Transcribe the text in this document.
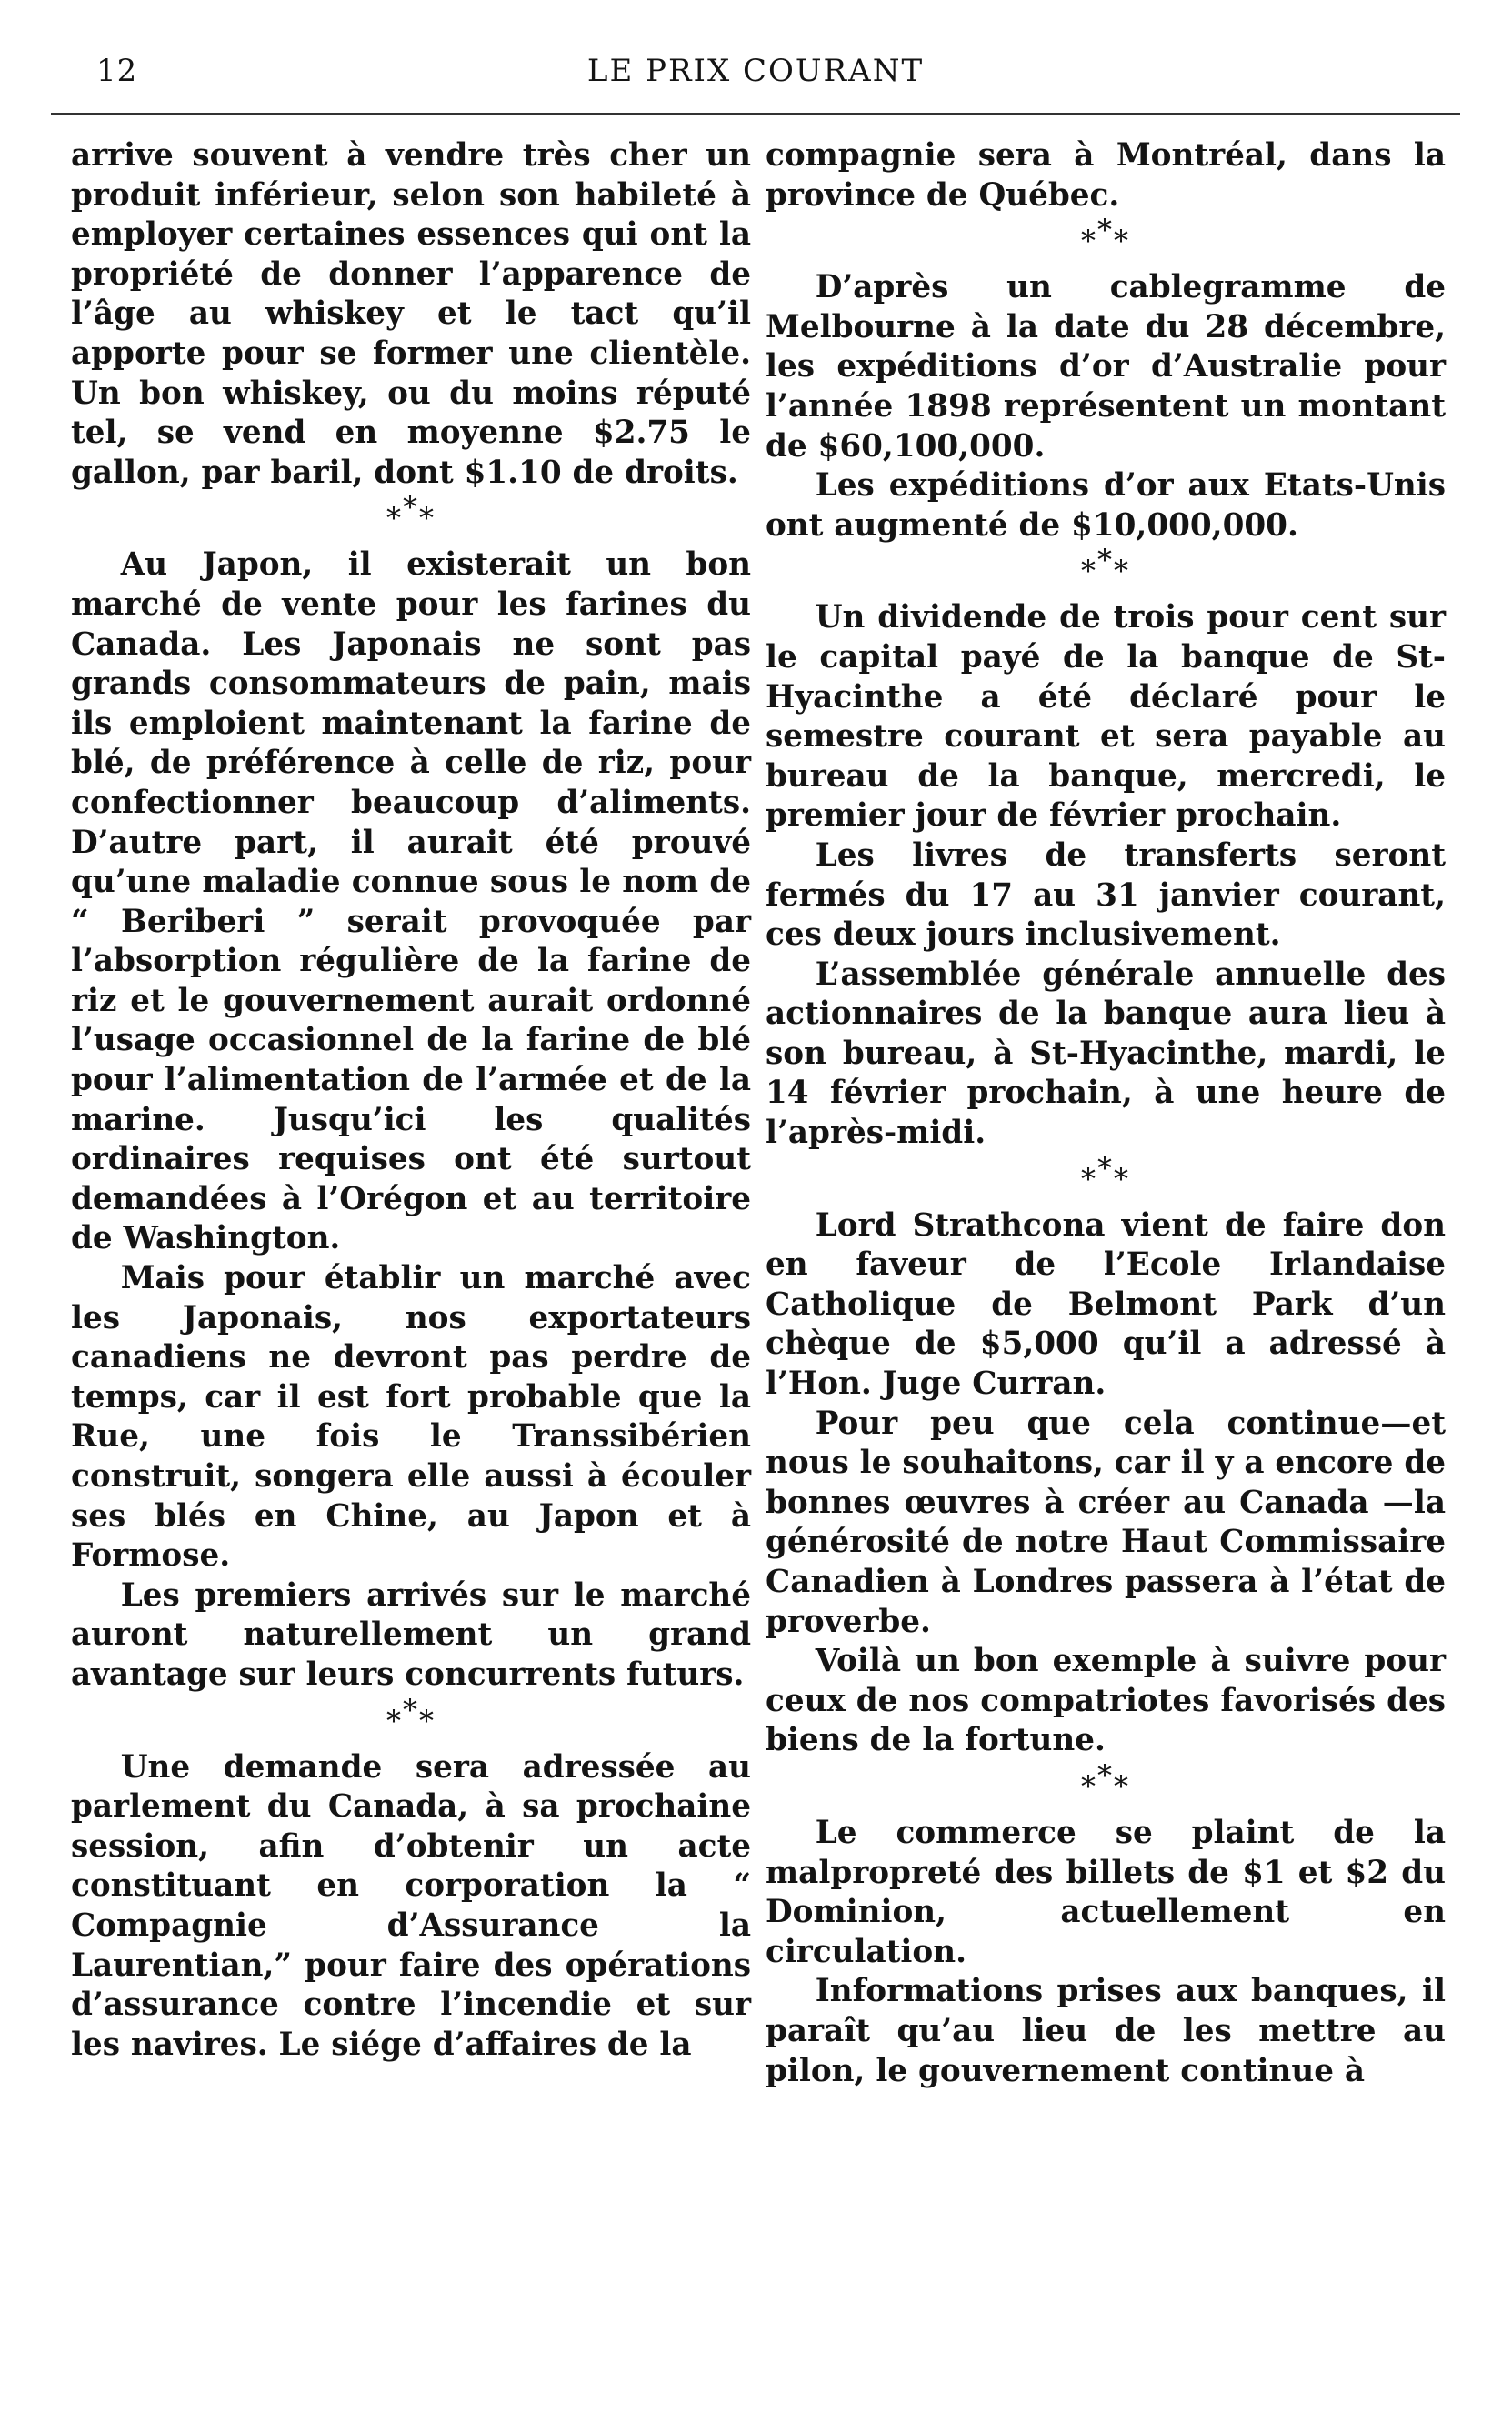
12	LE PRIX COURANT

arrive souvent à vendre très cher un produit inférieur, selon son habileté à employer certaines essences qui ont la propriété de donner l’apparence de l’âge au whiskey et le tact qu’il apporte pour se former une clientèle. Un bon whiskey, ou du moins réputé tel, se vend en moyenne $2.75 le gallon, par baril, dont $1.10 de droits.

***

Au Japon, il existerait un bon marché de vente pour les farines du Canada. Les Japonais ne sont pas grands consommateurs de pain, mais ils emploient maintenant la farine de blé, de préférence à celle de riz, pour confectionner beaucoup d’aliments. D’autre part, il aurait été prouvé qu’une maladie connue sous le nom de “ Beriberi ” serait provoquée par l’absorption régulière de la farine de riz et le gouvernement aurait ordonné l’usage occasionnel de la farine de blé pour l’alimentation de l’armée et de la marine. Jusqu’ici les qualités ordinaires requises ont été surtout demandées à l’Orégon et au territoire de Washington.

Mais pour établir un marché avec les Japonais, nos exportateurs canadiens ne devront pas perdre de temps, car il est fort probable que la Rue, une fois le Transsibérien construit, songera elle aussi à écouler ses blés en Chine, au Japon et à Formose.

Les premiers arrivés sur le marché auront naturellement un grand avantage sur leurs concurrents futurs.

***

Une demande sera adressée au parlement du Canada, à sa prochaine session, afin d’obtenir un acte constituant en corporation la “ Compagnie d’Assurance la Laurentian,” pour faire des opérations d’assurance contre l’incendie et sur les navires. Le siége d’affaires de la

compagnie sera à Montréal, dans la province de Québec.

***

D’après un cablegramme de Melbourne à la date du 28 décembre, les expéditions d’or d’Australie pour l’année 1898 représentent un montant de $60,100,000.

Les expéditions d’or aux Etats-Unis ont augmenté de $10,000,000.

***

Un dividende de trois pour cent sur le capital payé de la banque de St-Hyacinthe a été déclaré pour le semestre courant et sera payable au bureau de la banque, mercredi, le premier jour de février prochain.

Les livres de transferts seront fermés du 17 au 31 janvier courant, ces deux jours inclusivement.

L’assemblée générale annuelle des actionnaires de la banque aura lieu à son bureau, à St-Hyacinthe, mardi, le 14 février prochain, à une heure de l’après-midi.

***

Lord Strathcona vient de faire don en faveur de l’Ecole Irlandaise Catholique de Belmont Park d’un chèque de $5,000 qu’il a adressé à l’Hon. Juge Curran.

Pour peu que cela continue—et nous le souhaitons, car il y a encore de bonnes œuvres à créer au Canada —la générosité de notre Haut Commissaire Canadien à Londres passera à l’état de proverbe.

Voilà un bon exemple à suivre pour ceux de nos compatriotes favorisés des biens de la fortune.

***

Le commerce se plaint de la malpropreté des billets de $1 et $2 du Dominion, actuellement en circulation.

Informations prises aux banques, il paraît qu’au lieu de les mettre au pilon, le gouvernement continue à
